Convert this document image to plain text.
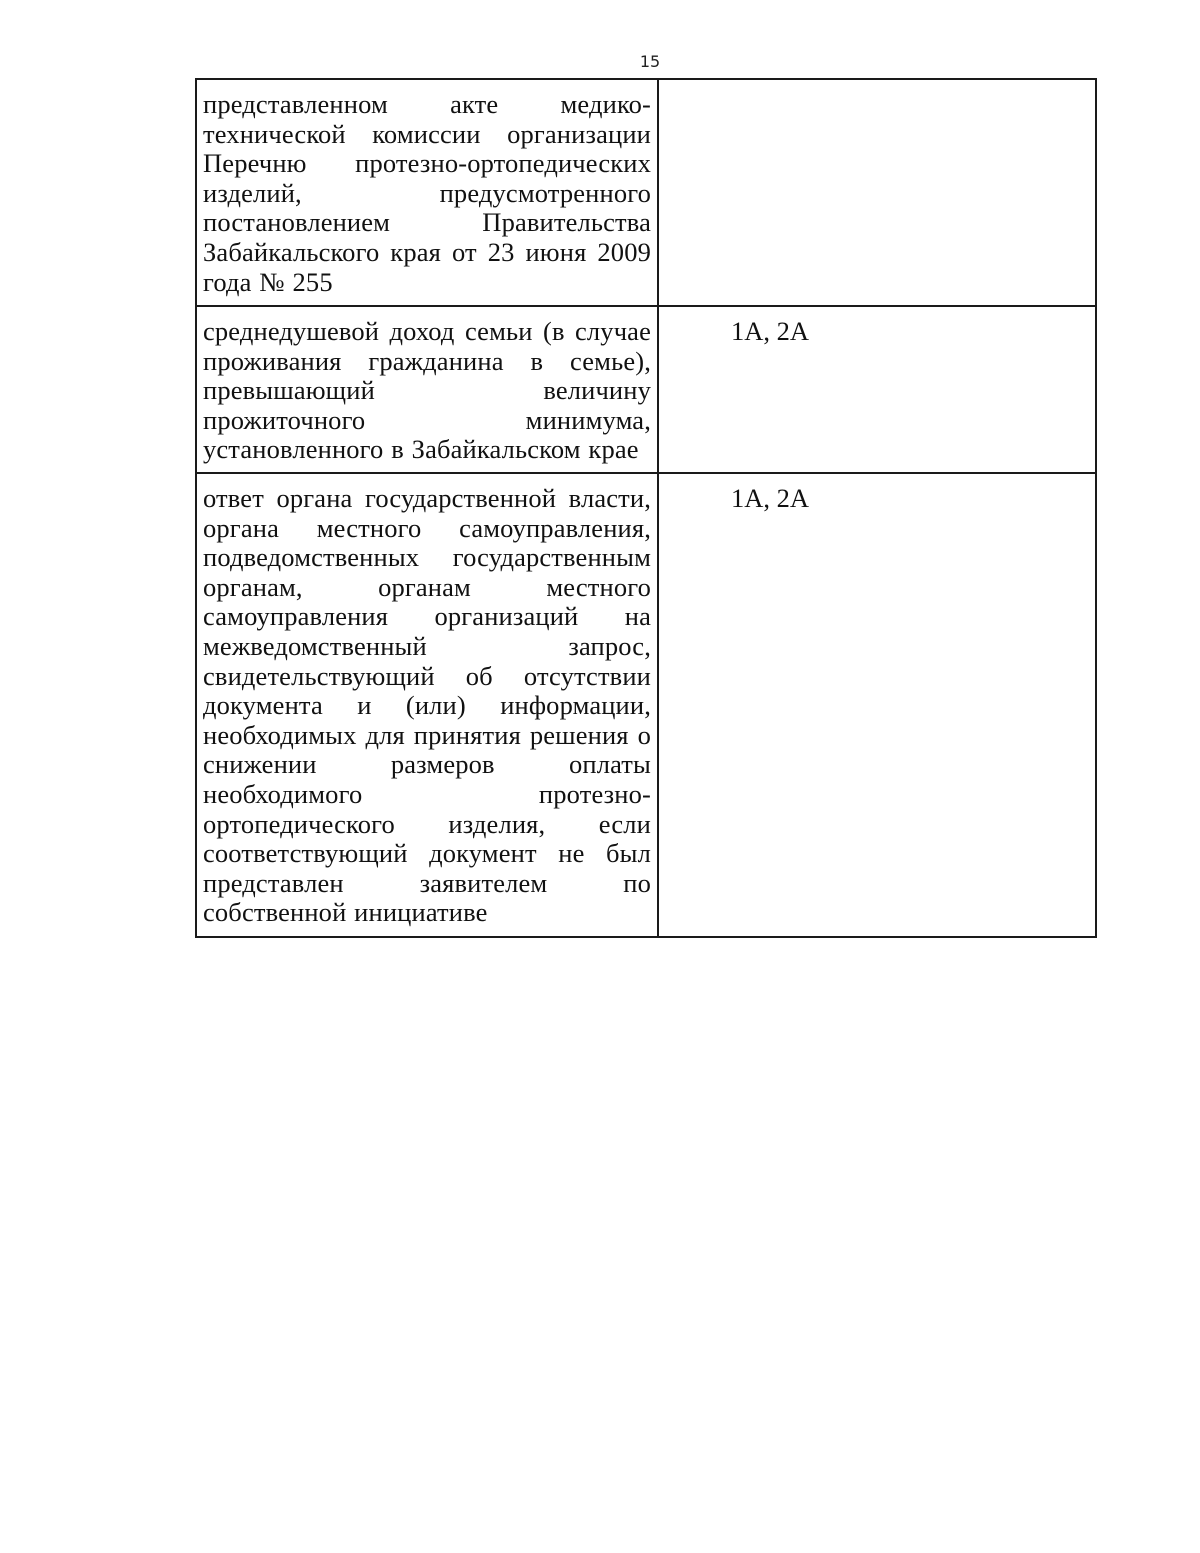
15
представленном акте медико-технической комиссии организации Перечню протезно-ортопедических изделий, предусмотренного постановлением Правительства Забайкальского края от 23 июня 2009 года № 255	

среднедушевой доход семьи (в случае проживания гражданина в семье), превышающий величину прожиточного минимума, установленного в Забайкальском крае	1А, 2А

ответ органа государственной власти, органа местного самоуправления, подведомственных государственным органам, органам местного самоуправления организаций на межведомственный запрос, свидетельствующий об отсутствии документа и (или) информации, необходимых для принятия решения о снижении размеров оплаты необходимого протезно-ортопедического изделия, если соответствующий документ не был представлен заявителем по собственной инициативе	1А, 2А
